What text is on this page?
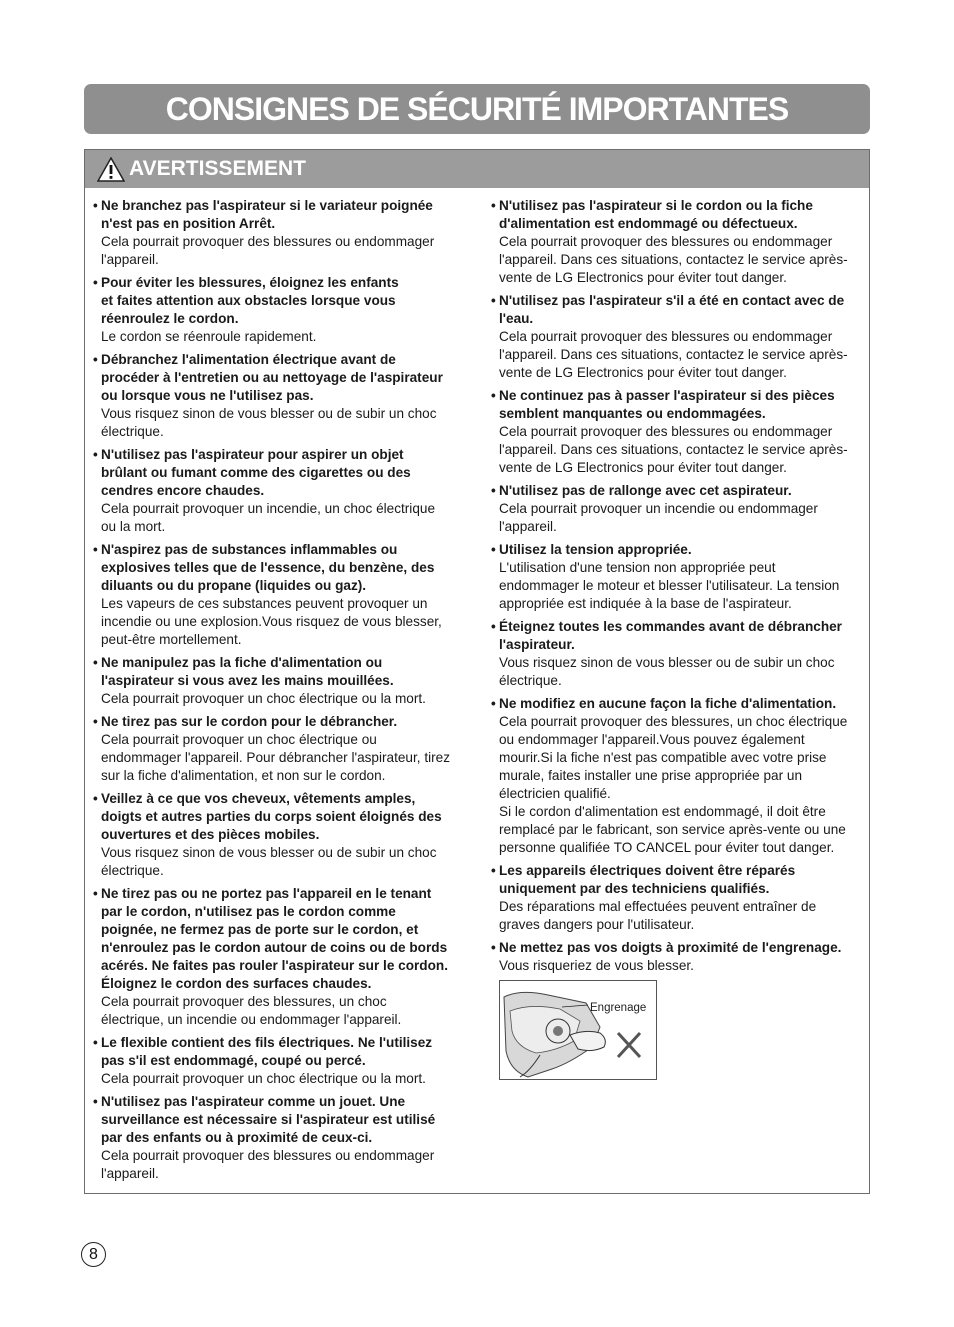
CONSIGNES DE SÉCURITÉ IMPORTANTES
AVERTISSEMENT
• Ne branchez pas l'aspirateur si le variateur poignée
n'est pas en position Arrêt.
Cela pourrait provoquer des blessures ou endommager
l'appareil.
• Pour éviter les blessures, éloignez les enfants
et faites attention aux obstacles lorsque vous
réenroulez le cordon.
Le cordon se réenroule rapidement.
• Débranchez l'alimentation électrique avant de
procéder à l'entretien ou au nettoyage de l'aspirateur
ou lorsque vous ne l'utilisez pas.
Vous risquez sinon de vous blesser ou de subir un choc
électrique.
• N'utilisez pas l'aspirateur pour aspirer un objet
brûlant ou fumant comme des cigarettes ou des
cendres encore chaudes.
Cela pourrait provoquer un incendie, un choc électrique
ou la mort.
• N'aspirez pas de substances inflammables ou
explosives telles que de l'essence, du benzène, des
diluants ou du propane (liquides ou gaz).
Les vapeurs de ces substances peuvent provoquer un
incendie ou une explosion.Vous risquez de vous blesser,
peut-être mortellement.
• Ne manipulez pas la fiche d'alimentation ou
l'aspirateur si vous avez les mains mouillées.
Cela pourrait provoquer un choc électrique ou la mort.
• Ne tirez pas sur le cordon pour le débrancher.
Cela pourrait provoquer un choc électrique ou
endommager l'appareil. Pour débrancher l'aspirateur, tirez
sur la fiche d'alimentation, et non sur le cordon.
• Veillez à ce que vos cheveux, vêtements amples,
doigts et autres parties du corps soient éloignés des
ouvertures et des pièces mobiles.
Vous risquez sinon de vous blesser ou de subir un choc
électrique.
• Ne tirez pas ou ne portez pas l'appareil en le tenant
par le cordon, n'utilisez pas le cordon comme
poignée, ne fermez pas de porte sur le cordon, et
n'enroulez pas le cordon autour de coins ou de bords
acérés. Ne faites pas rouler l'aspirateur sur le cordon.
Éloignez le cordon des surfaces chaudes.
Cela pourrait provoquer des blessures, un choc
électrique, un incendie ou endommager l'appareil.
• Le flexible contient des fils électriques. Ne l'utilisez
pas s'il est endommagé, coupé ou percé.
Cela pourrait provoquer un choc électrique ou la mort.
• N'utilisez pas l'aspirateur comme un jouet. Une
surveillance est nécessaire si l'aspirateur est utilisé
par des enfants ou à proximité de ceux-ci.
Cela pourrait provoquer des blessures ou endommager
l'appareil.
• N'utilisez pas l'aspirateur si le cordon ou la fiche
d'alimentation est endommagé ou défectueux.
Cela pourrait provoquer des blessures ou endommager
l'appareil. Dans ces situations, contactez le service après-
vente de LG Electronics pour éviter tout danger.
• N'utilisez pas l'aspirateur s'il a été en contact avec de
l'eau.
Cela pourrait provoquer des blessures ou endommager
l'appareil. Dans ces situations, contactez le service après-
vente de LG Electronics pour éviter tout danger.
• Ne continuez pas à passer l'aspirateur si des pièces
semblent manquantes ou endommagées.
Cela pourrait provoquer des blessures ou endommager
l'appareil. Dans ces situations, contactez le service après-
vente de LG Electronics pour éviter tout danger.
• N'utilisez pas de rallonge avec cet aspirateur.
Cela pourrait provoquer un incendie ou endommager
l'appareil.
• Utilisez la tension appropriée.
L'utilisation d'une tension non appropriée peut
endommager le moteur et blesser l'utilisateur. La tension
appropriée est indiquée à la base de l'aspirateur.
• Éteignez toutes les commandes avant de débrancher
l'aspirateur.
Vous risquez sinon de vous blesser ou de subir un choc
électrique.
• Ne modifiez en aucune façon la fiche d'alimentation.
Cela pourrait provoquer des blessures, un choc électrique
ou endommager l'appareil.Vous pouvez également
mourir.Si la fiche n'est pas compatible avec votre prise
murale, faites installer une prise appropriée par un
électricien qualifié.
Si le cordon d'alimentation est endommagé, il doit être
remplacé par le fabricant, son service après-vente ou une
personne qualifiée TO CANCEL pour éviter tout danger.
• Les appareils électriques doivent être réparés
uniquement par des techniciens qualifiés.
Des réparations mal effectuées peuvent entraîner de
graves dangers pour l'utilisateur.
• Ne mettez pas vos doigts à proximité de l'engrenage.
Vous risqueriez de vous blesser.
Engrenage
8
